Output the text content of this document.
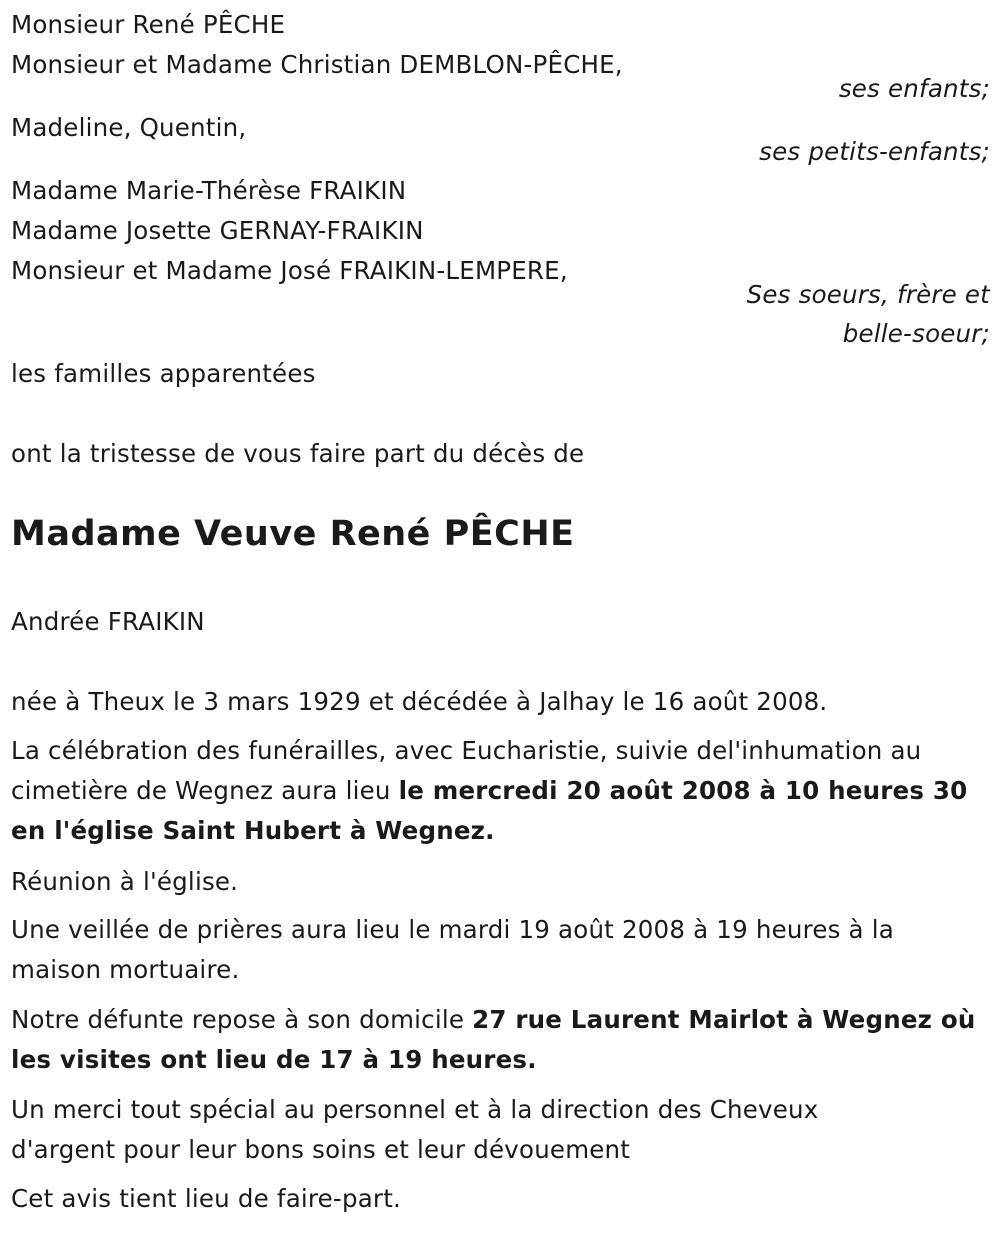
Monsieur René PÊCHE
Monsieur et Madame Christian DEMBLON-PÊCHE,
ses enfants;
Madeline, Quentin,
ses petits-enfants;
Madame Marie-Thérèse FRAIKIN
Madame Josette GERNAY-FRAIKIN
Monsieur et Madame José FRAIKIN-LEMPERE,
Ses soeurs, frère et
belle-soeur;
les familles apparentées
ont la tristesse de vous faire part du décès de
Madame Veuve René PÊCHE
Andrée FRAIKIN
née à Theux le 3 mars 1929 et décédée à Jalhay le 16 août 2008.
La célébration des funérailles, avec Eucharistie, suivie del'inhumation au cimetière de Wegnez aura lieu le mercredi 20 août 2008 à 10 heures 30 en l'église Saint Hubert à Wegnez.
Réunion à l'église.
Une veillée de prières aura lieu le mardi 19 août 2008 à 19 heures à la maison mortuaire.
Notre défunte repose à son domicile 27 rue Laurent Mairlot à Wegnez où les visites ont lieu de 17 à 19 heures.
Un merci tout spécial au personnel et à la direction des Cheveux d'argent pour leur bons soins et leur dévouement
Cet avis tient lieu de faire-part.
